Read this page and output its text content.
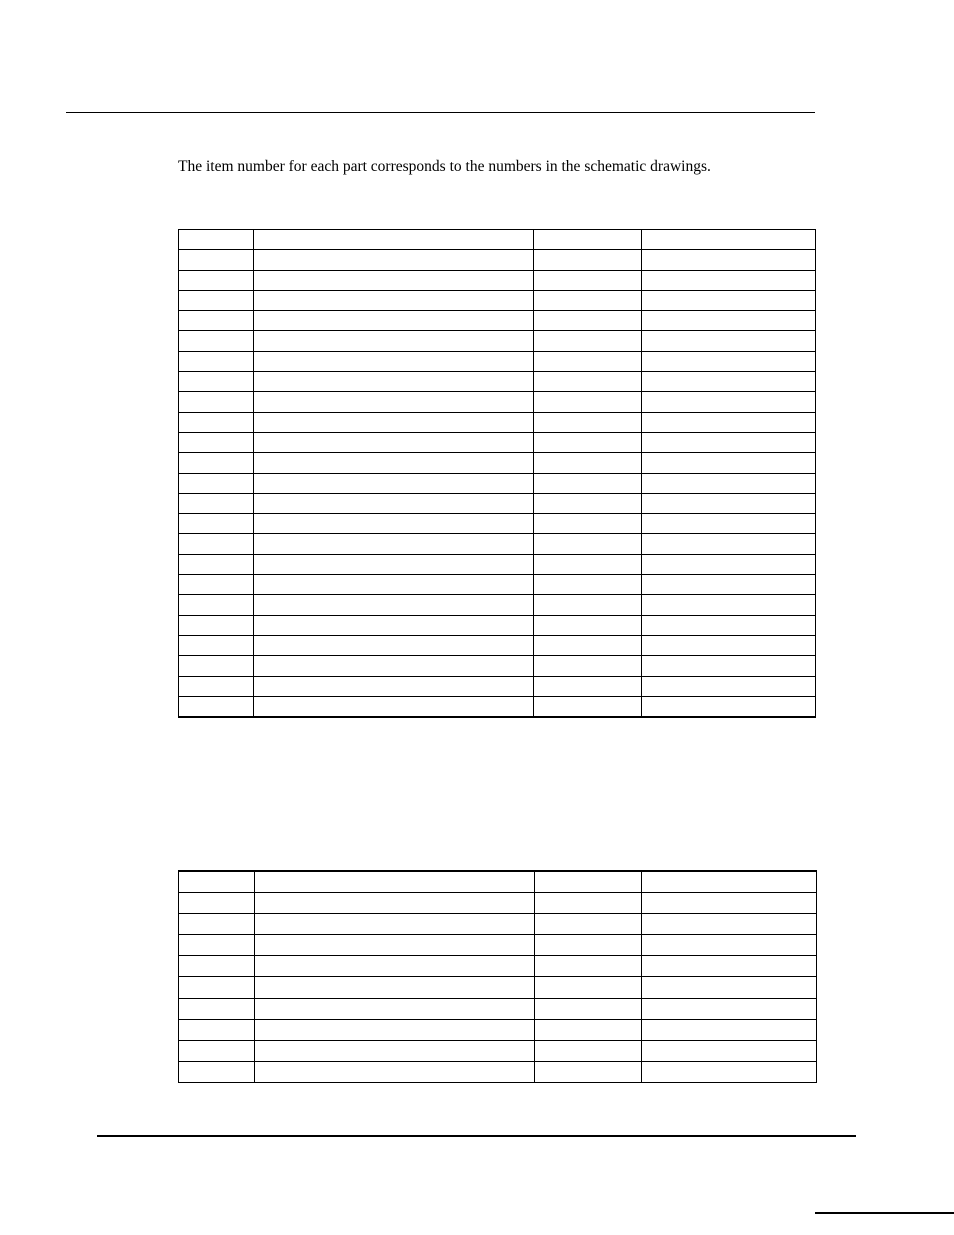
The item number for each part corresponds to the numbers in the schematic drawings.
